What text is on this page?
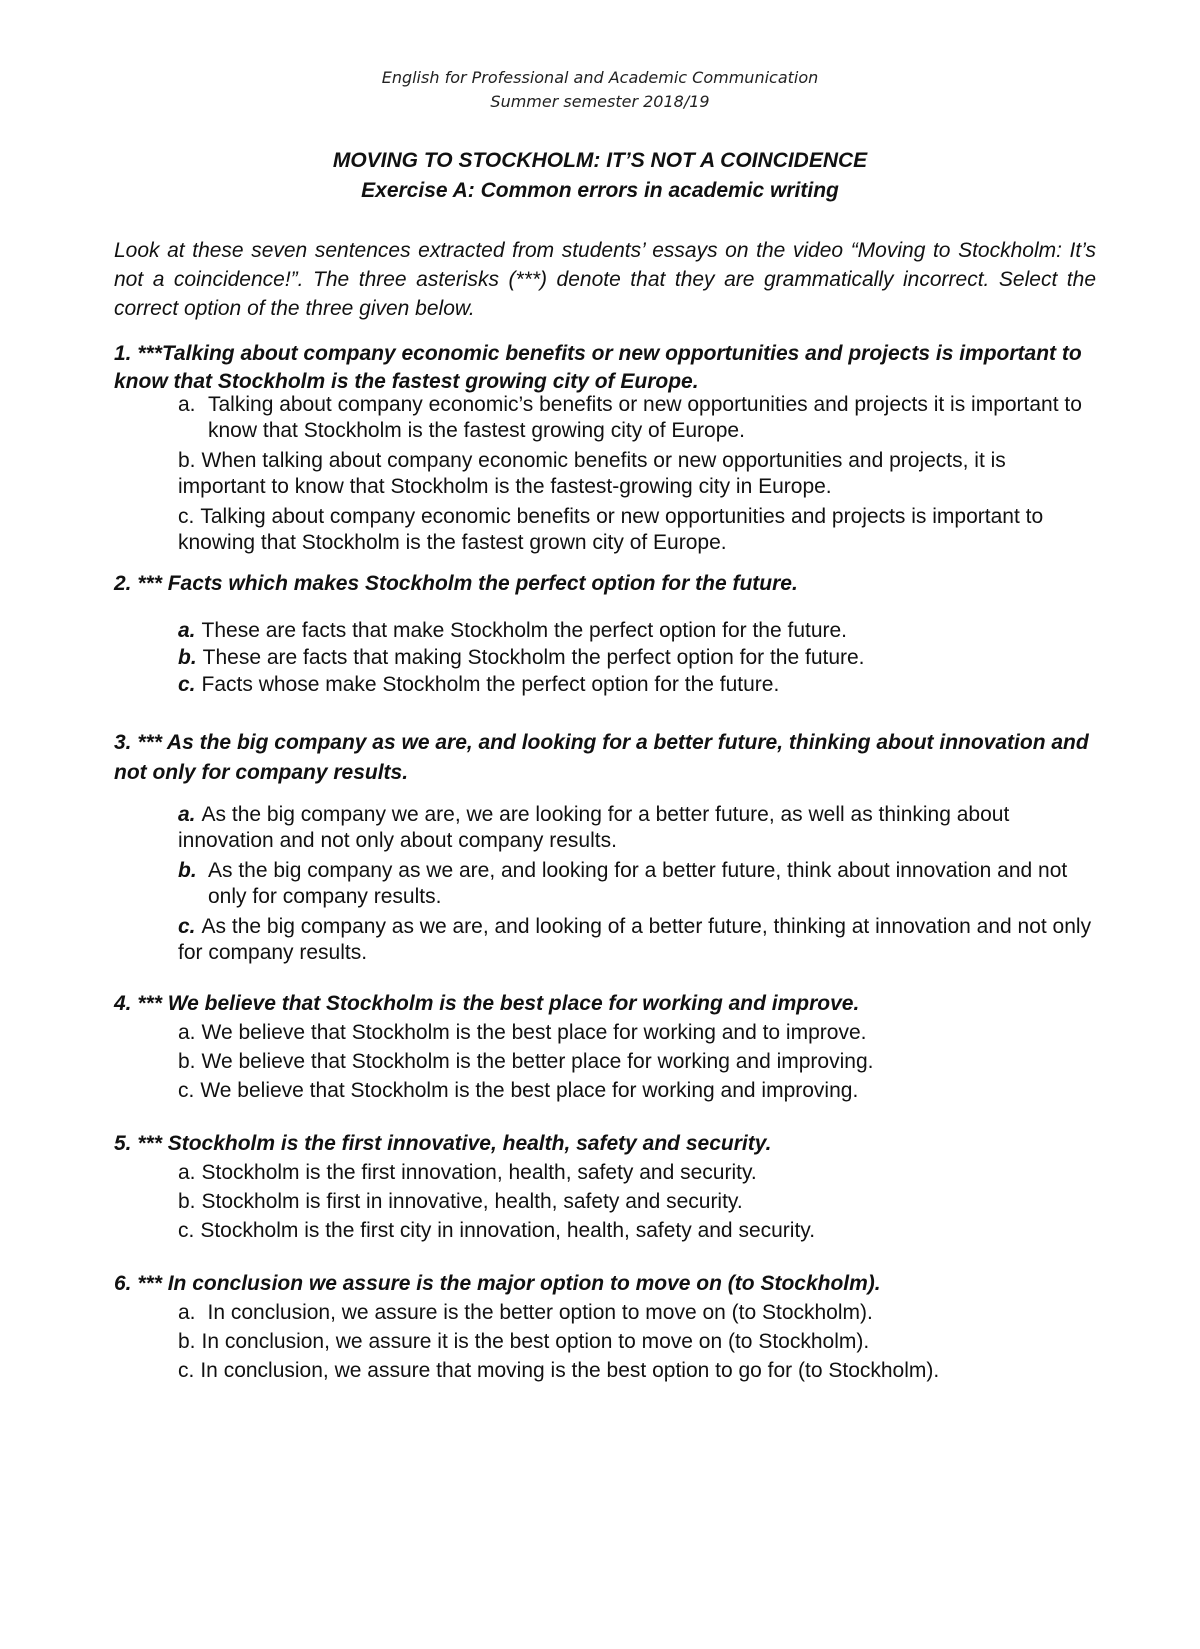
English for Professional and Academic Communication
Summer semester 2018/19
MOVING TO STOCKHOLM: IT’S NOT A COINCIDENCE
Exercise A: Common errors in academic writing
Look at these seven sentences extracted from students’ essays on the video “Moving to Stockholm: It’s not a coincidence!”. The three asterisks (***) denote that they are grammatically incorrect. Select the correct option of the three given below.
1. ***Talking about company economic benefits or new opportunities and projects is important to know that Stockholm is the fastest growing city of Europe.

a. Talking about company economic’s benefits or new opportunities and projects it is important to know that Stockholm is the fastest growing city of Europe.

b. When talking about company economic benefits or new opportunities and projects, it is important to know that Stockholm is the fastest-growing city in Europe.

c. Talking about company economic benefits or new opportunities and projects is important to knowing that Stockholm is the fastest grown city of Europe.

2. *** Facts which makes Stockholm the perfect option for the future.

a. These are facts that make Stockholm the perfect option for the future.

b. These are facts that making Stockholm the perfect option for the future.

c. Facts whose make Stockholm the perfect option for the future.

3. *** As the big company as we are, and looking for a better future, thinking about innovation and not only for company results.

a. As the big company we are, we are looking for a better future, as well as thinking about innovation and not only about company results.

b. As the big company as we are, and looking for a better future, think about innovation and not only for company results.

c. As the big company as we are, and looking of a better future, thinking at innovation and not only for company results.

4. *** We believe that Stockholm is the best place for working and improve.

a. We believe that Stockholm is the best place for working and to improve.

b. We believe that Stockholm is the better place for working and improving.

c. We believe that Stockholm is the best place for working and improving.

5. *** Stockholm is the first innovative, health, safety and security.

a. Stockholm is the first innovation, health, safety and security.

b. Stockholm is first in innovative, health, safety and security.

c. Stockholm is the first city in innovation, health, safety and security.

6. *** In conclusion we assure is the major option to move on (to Stockholm).

a. In conclusion, we assure is the better option to move on (to Stockholm).

b. In conclusion, we assure it is the best option to move on (to Stockholm).

c. In conclusion, we assure that moving is the best option to go for (to Stockholm).
